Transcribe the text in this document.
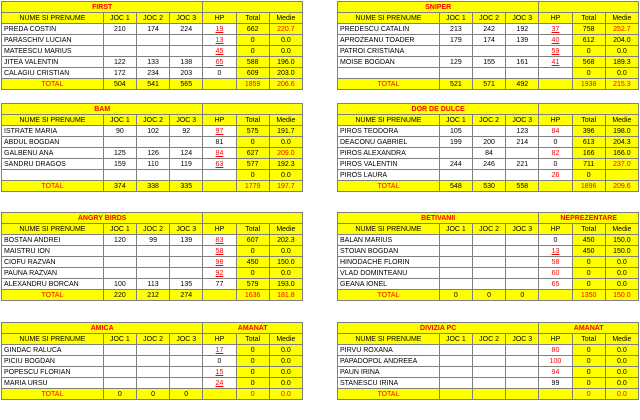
FIRST						
NUME SI PRENUME	JOC 1	JOC 2	JOC 3	HP	Total	Medie
PREDA COSTIN	210	174	224	19	662	220.7
PARASCHIV LUCIAN				13	0	0.0
MATEESCU MARIUS				45	0	0.0
JITEA VALENTIN	122	133	138	65	588	196.0
CALAGIU CRISTIAN	172	234	203	0	609	203.0
TOTAL	504	541	565		1859	206.6
SNIPER						
NUME SI PRENUME	JOC 1	JOC 2	JOC 3	HP	Total	Medie
PREDESCU CATALIN	213	242	192	37	758	252.7
APROZEANU TOADER	179	174	139	40	612	204.0
PATROI CRISTIANA				59	0	0.0
MOISE BOGDAN	129	155	161	41	568	189.3
					0	0.0
TOTAL	521	571	492		1938	215.3
BAM						
NUME SI PRENUME	JOC 1	JOC 2	JOC 3	HP	Total	Medie
ISTRATE MARIA	90	102	92	97	575	191.7
ABDUL BOGDAN				81	0	0.0
GALBENU ANA	125	126	124	84	627	209.0
SANDRU DRAGOS	159	110	119	63	577	192.3
					0	0.0
TOTAL	374	338	335		1779	197.7
DOR DE DULCE						
NUME SI PRENUME	JOC 1	JOC 2	JOC 3	HP	Total	Medie
PIROS TEODORA	105		123	84	396	198.0
DEACONU GABRIEL	199	200	214	0	613	204.3
PIROS ALEXANDRA		84		82	166	166.0
PIROS VALENTIN	244	246	221	0	711	237.0
PIROS LAURA				26	0	
TOTAL	548	530	558		1896	209.6
ANGRY BIRDS						
NUME SI PRENUME	JOC 1	JOC 2	JOC 3	HP	Total	Medie
BOSTAN ANDREI	120	99	139	83	607	202.3
MAISTRU ION				58	0	0.0
CIOFU RAZVAN				98	450	150.0
PAUNA RAZVAN				92	0	0.0
ALEXANDRU BORCAN	100	113	135	77	579	193.0
TOTAL	220	212	274		1636	181.8
BETIVANII				NEPREZENTARE		
NUME SI PRENUME	JOC 1	JOC 2	JOC 3	HP	Total	Medie
BALAN MARIUS				0	450	150.0
STOIAN BOGDAN				13	450	150.0
HINODACHE FLORIN				58	0	0.0
VLAD DOMINTEANU				60	0	0.0
GEANA IONEL				65	0	0.0
TOTAL	0	0	0		1350	150.0
AMICA				AMANAT		
NUME SI PRENUME	JOC 1	JOC 2	JOC 3	HP	Total	Medie
GINDAC RALUCA				17	0	0.0
PICIU BOGDAN				0	0	0.0
POPESCU FLORIAN				15	0	0.0
MARIA URSU				24	0	0.0
TOTAL	0	0	0		0	0.0
DIVIZIA PC				AMANAT		
NUME SI PRENUME	JOC 1	JOC 2	JOC 3	HP	Total	Medie
PIRVU ROXANA				80	0	0.0
PAPADOPOL ANDREEA				100	0	0.0
PAUN IRINA				94	0	0.0
STANESCU IRINA				99	0	0.0
TOTAL					0	0.0
